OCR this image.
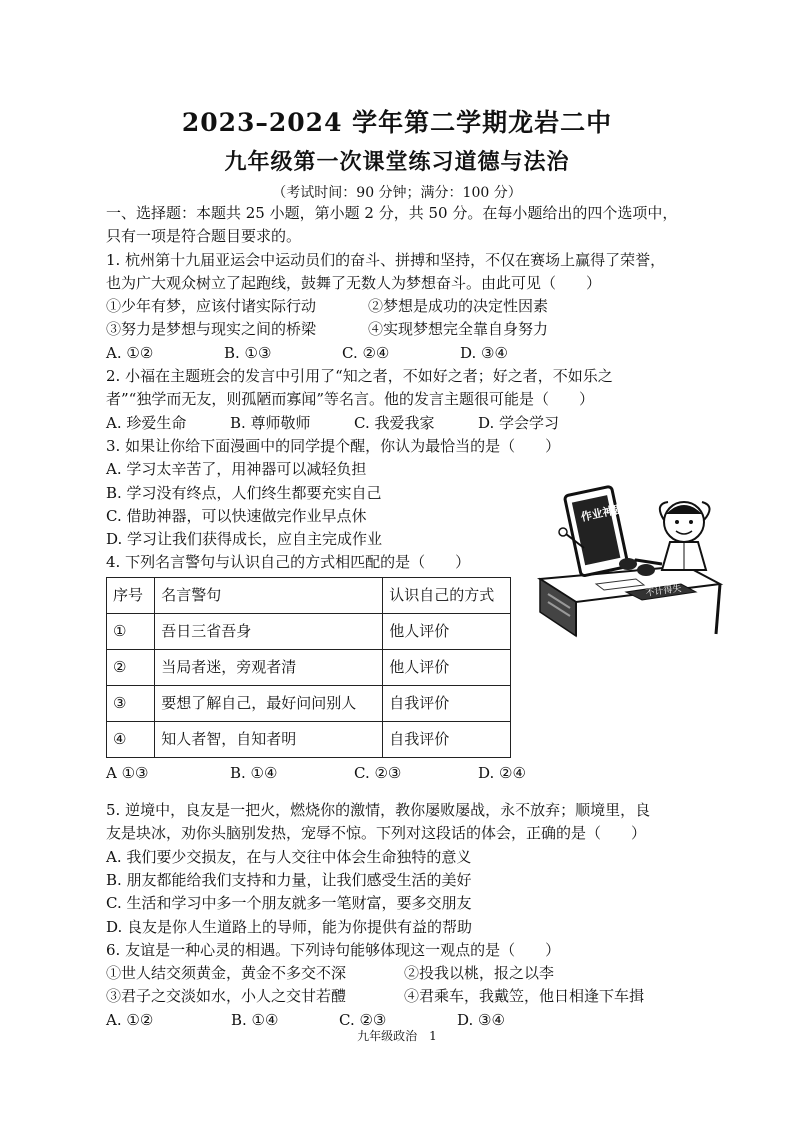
2023–2024 学年第二学期龙岩二中
九年级第一次课堂练习道德与法治
（考试时间：90 分钟；满分：100 分）
一、选择题：本题共 25 小题，第小题 2 分，共 50 分。在每小题给出的四个选项中，
只有一项是符合题目要求的。
1. 杭州第十九届亚运会中运动员们的奋斗、拼搏和坚持，不仅在赛场上赢得了荣誉，
也为广大观众树立了起跑线，鼓舞了无数人为梦想奋斗。由此可见（　　）
①少年有梦，应该付诸实际行动	②梦想是成功的决定性因素
③努力是梦想与现实之间的桥梁	④实现梦想完全靠自身努力
A. ①②	B. ①③	C. ②④	D. ③④
2. 小福在主题班会的发言中引用了“知之者，不如好之者；好之者，不如乐之
者”“独学而无友，则孤陋而寡闻”等名言。他的发言主题很可能是（　　）
A. 珍爱生命	B. 尊师敬师	C. 我爱我家	D. 学会学习
3. 如果让你给下面漫画中的同学提个醒，你认为最恰当的是（　　）
A. 学习太辛苦了，用神器可以减轻负担
B. 学习没有终点，人们终生都要充实自己
C. 借助神器，可以快速做完作业早点休
D. 学习让我们获得成长，应自主完成作业
4. 下列名言警句与认识自己的方式相匹配的是（　　）
序号	名言警句	认识自己的方式
①	吾日三省吾身	他人评价
②	当局者迷，旁观者清	他人评价
③	要想了解自己，最好问问别人	自我评价
④	知人者智，自知者明	自我评价
A ①③	B. ①④	C. ②③	D. ②④
5. 逆境中，良友是一把火，燃烧你的激情，教你屡败屡战，永不放弃；顺境里，良
友是块冰，劝你头脑别发热，宠辱不惊。下列对这段话的体会，正确的是（　　）
A. 我们要少交损友，在与人交往中体会生命独特的意义
B. 朋友都能给我们支持和力量，让我们感受生活的美好
C. 生活和学习中多一个朋友就多一笔财富，要多交朋友
D. 良友是你人生道路上的导师，能为你提供有益的帮助
6. 友谊是一种心灵的相遇。下列诗句能够体现这一观点的是（　　）
①世人结交须黄金，黄金不多交不深	②投我以桃，报之以李
③君子之交淡如水，小人之交甘若醴	④君乘车，我戴笠，他日相逢下车揖
A. ①②	B. ①④	C. ②③	D. ③④
不计得失
作业神器
九年级政治　1
